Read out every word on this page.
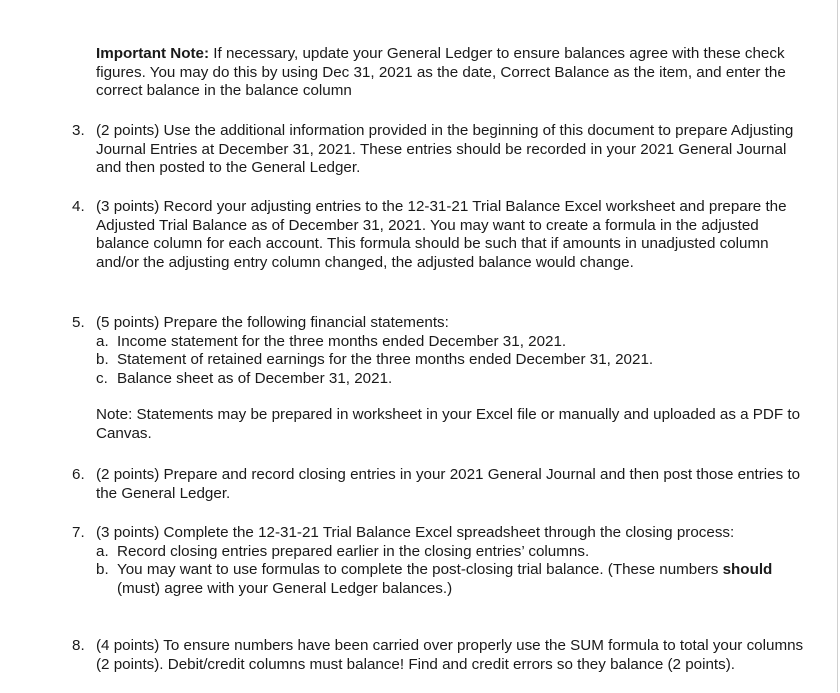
Important Note: If necessary, update your General Ledger to ensure balances agree with these check figures. You may do this by using Dec 31, 2021 as the date, Correct Balance as the item, and enter the correct balance in the balance column
3. (2 points) Use the additional information provided in the beginning of this document to prepare Adjusting Journal Entries at December 31, 2021. These entries should be recorded in your 2021 General Journal and then posted to the General Ledger.
4. (3 points) Record your adjusting entries to the 12-31-21 Trial Balance Excel worksheet and prepare the Adjusted Trial Balance as of December 31, 2021. You may want to create a formula in the adjusted balance column for each account. This formula should be such that if amounts in unadjusted column and/or the adjusting entry column changed, the adjusted balance would change.
5. (5 points) Prepare the following financial statements:
a. Income statement for the three months ended December 31, 2021.
b. Statement of retained earnings for the three months ended December 31, 2021.
c. Balance sheet as of December 31, 2021.
Note: Statements may be prepared in worksheet in your Excel file or manually and uploaded as a PDF to Canvas.
6. (2 points) Prepare and record closing entries in your 2021 General Journal and then post those entries to the General Ledger.
7. (3 points) Complete the 12-31-21 Trial Balance Excel spreadsheet through the closing process:
a. Record closing entries prepared earlier in the closing entries’ columns.
b. You may want to use formulas to complete the post-closing trial balance. (These numbers should (must) agree with your General Ledger balances.)
8. (4 points) To ensure numbers have been carried over properly use the SUM formula to total your columns (2 points). Debit/credit columns must balance! Find and credit errors so they balance (2 points).
